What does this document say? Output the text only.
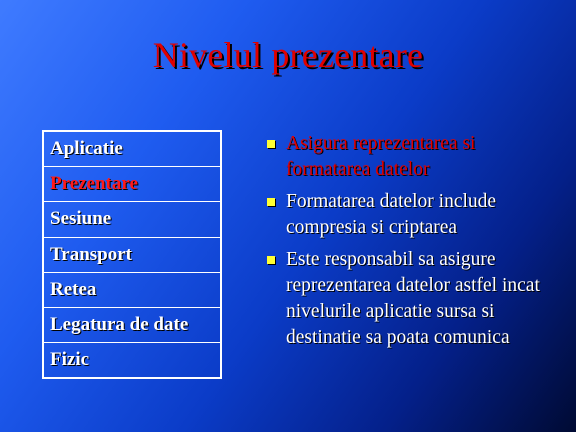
Nivelul prezentare
Aplicatie
Prezentare
Sesiune
Transport
Retea
Legatura de date
Fizic
Asigura reprezentarea si formatarea datelor
Formatarea datelor include compresia si criptarea
Este responsabil sa asigure reprezentarea datelor astfel incat nivelurile aplicatie sursa si destinatie sa poata comunica
